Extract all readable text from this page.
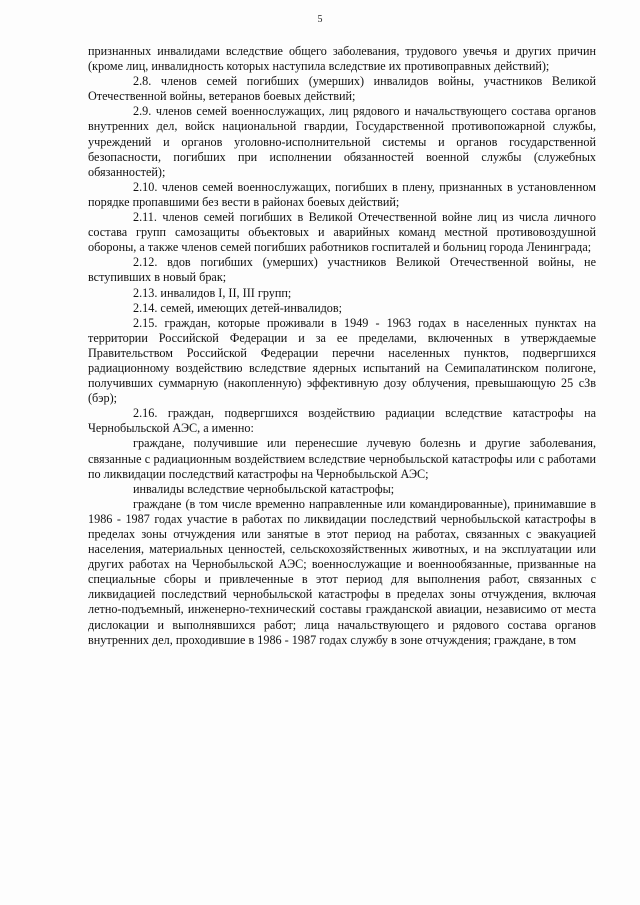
5

признанных инвалидами вследствие общего заболевания, трудового увечья и других причин (кроме лиц, инвалидность которых наступила вследствие их противоправных действий);

2.8. членов семей погибших (умерших) инвалидов войны, участников Великой Отечественной войны, ветеранов боевых действий;

2.9. членов семей военнослужащих, лиц рядового и начальствующего состава органов внутренних дел, войск национальной гвардии, Государственной противопожарной службы, учреждений и органов уголовно-исполнительной системы и органов государственной безопасности, погибших при исполнении обязанностей военной службы (служебных обязанностей);

2.10. членов семей военнослужащих, погибших в плену, признанных в установленном порядке пропавшими без вести в районах боевых действий;

2.11. членов семей погибших в Великой Отечественной войне лиц из числа личного состава групп самозащиты объектовых и аварийных команд местной противовоздушной обороны, а также членов семей погибших работников госпиталей и больниц города Ленинграда;

2.12. вдов погибших (умерших) участников Великой Отечественной войны, не вступивших в новый брак;

2.13. инвалидов I, II, III групп;

2.14. семей, имеющих детей-инвалидов;

2.15. граждан, которые проживали в 1949 - 1963 годах в населенных пунктах на территории Российской Федерации и за ее пределами, включенных в утверждаемые Правительством Российской Федерации перечни населенных пунктов, подвергшихся радиационному воздействию вследствие ядерных испытаний на Семипалатинском полигоне, получивших суммарную (накопленную) эффективную дозу облучения, превышающую 25 сЗв (бэр);

2.16. граждан, подвергшихся воздействию радиации вследствие катастрофы на Чернобыльской АЭС, а именно:

граждане, получившие или перенесшие лучевую болезнь и другие заболевания, связанные с радиационным воздействием вследствие чернобыльской катастрофы или с работами по ликвидации последствий катастрофы на Чернобыльской АЭС;

инвалиды вследствие чернобыльской катастрофы;

граждане (в том числе временно направленные или командированные), принимавшие в 1986 - 1987 годах участие в работах по ликвидации последствий чернобыльской катастрофы в пределах зоны отчуждения или занятые в этот период на работах, связанных с эвакуацией населения, материальных ценностей, сельскохозяйственных животных, и на эксплуатации или других работах на Чернобыльской АЭС; военнослужащие и военнообязанные, призванные на специальные сборы и привлеченные в этот период для выполнения работ, связанных с ликвидацией последствий чернобыльской катастрофы в пределах зоны отчуждения, включая летно-подъемный, инженерно-технический составы гражданской авиации, независимо от места дислокации и выполнявшихся работ; лица начальствующего и рядового состава органов внутренних дел, проходившие в 1986 - 1987 годах службу в зоне отчуждения; граждане, в том
